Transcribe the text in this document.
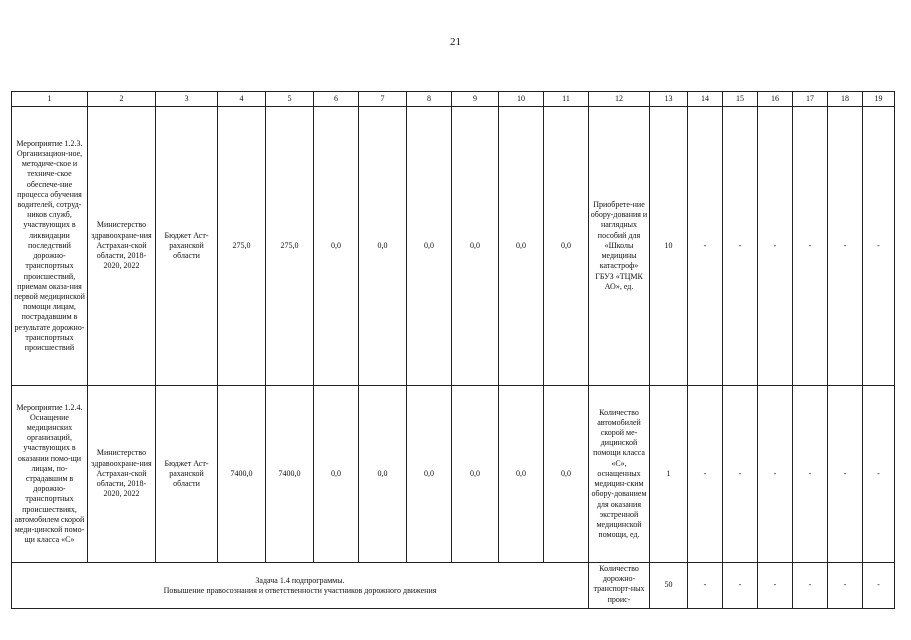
21
1	2	3	4	5	6	7	8	9	10	11	12	13	14	15	16	17	18	19
Мероприятие 1.2.3. Организацион-ное, методиче-ское и техниче-ское обеспече-ние процесса обучения водителей, сотруд-ников служб, участвующих в ликвидации последствий дорожно-транспортных происшествий, приемам оказа-ния первой медицинской помощи лицам, пострадавшим в результате дорожно-транспортных происшествий	Министерство здравоохране-ния Астрахан-ской области, 2018-2020, 2022	Бюджет Аст-раханской области	275,0	275,0	0,0	0,0	0,0	0,0	0,0	0,0	Приобрете-ние обору-дования и наглядных пособий для «Школы медицины катастроф» ГБУЗ «ТЦМК АО», ед.	10	-	-	-	-	-	-
Мероприятие 1.2.4. Оснащение медицинских организаций, участвующих в оказании помо-щи лицам, по-страдавшим в дорожно-транспортных происшествиях, автомобилем скорой меди-цинской помо-щи класса «С»	Министерство здравоохране-ния Астрахан-ской области, 2018-2020, 2022	Бюджет Аст-раханской области	7400,0	7400,0	0,0	0,0	0,0	0,0	0,0	0,0	Количество автомобилей скорой ме-дицинской помощи класса «С», оснащенных медицин-ским обору-дованием для оказания экстренной медицинской помощи, ед.	1	-	-	-	-	-	-

Задача 1.4 подпрограммы.
Повышение правосознания и ответственности участников дорожного движения											Количество дорожно-транспорт-ных проис-	50	-	-	-	-	-	-
